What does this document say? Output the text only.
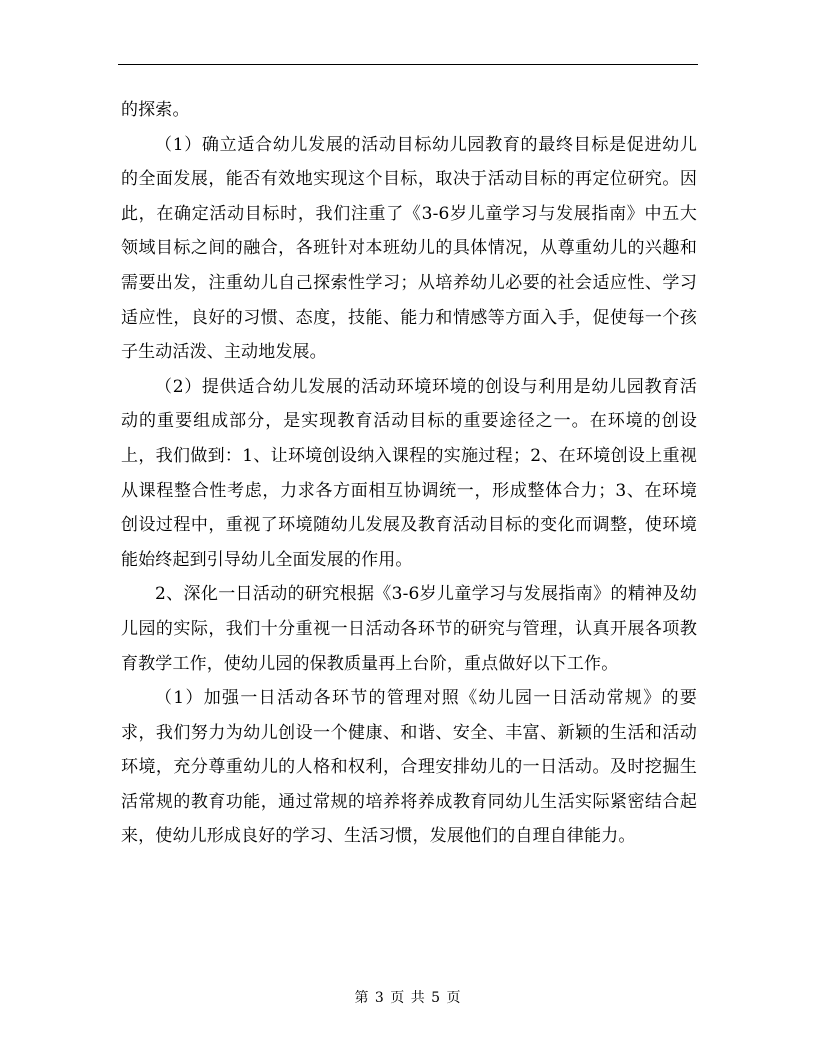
的探索。

（1）确立适合幼儿发展的活动目标幼儿园教育的最终目标是促进幼儿的全面发展，能否有效地实现这个目标，取决于活动目标的再定位研究。因此，在确定活动目标时，我们注重了《3-6岁儿童学习与发展指南》中五大领域目标之间的融合，各班针对本班幼儿的具体情况，从尊重幼儿的兴趣和需要出发，注重幼儿自己探索性学习；从培养幼儿必要的社会适应性、学习适应性，良好的习惯、态度，技能、能力和情感等方面入手，促使每一个孩子生动活泼、主动地发展。

（2）提供适合幼儿发展的活动环境环境的创设与利用是幼儿园教育活动的重要组成部分，是实现教育活动目标的重要途径之一。在环境的创设上，我们做到：1、让环境创设纳入课程的实施过程；2、在环境创设上重视从课程整合性考虑，力求各方面相互协调统一，形成整体合力；3、在环境创设过程中，重视了环境随幼儿发展及教育活动目标的变化而调整，使环境能始终起到引导幼儿全面发展的作用。

2、深化一日活动的研究根据《3-6岁儿童学习与发展指南》的精神及幼儿园的实际，我们十分重视一日活动各环节的研究与管理，认真开展各项教育教学工作，使幼儿园的保教质量再上台阶，重点做好以下工作。

（1）加强一日活动各环节的管理对照《幼儿园一日活动常规》的要求，我们努力为幼儿创设一个健康、和谐、安全、丰富、新颖的生活和活动环境，充分尊重幼儿的人格和权利，合理安排幼儿的一日活动。及时挖掘生活常规的教育功能，通过常规的培养将养成教育同幼儿生活实际紧密结合起来，使幼儿形成良好的学习、生活习惯，发展他们的自理自律能力。

第 3 页 共 5 页
